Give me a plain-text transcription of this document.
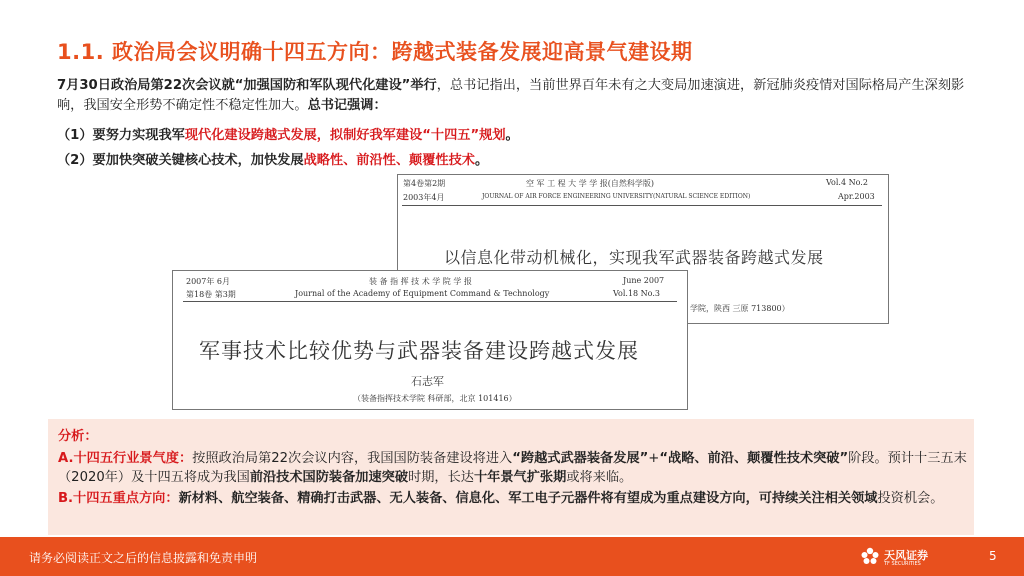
1.1. 政治局会议明确十四五方向：跨越式装备发展迎高景气建设期
7月30日政治局第22次会议就“加强国防和军队现代化建设”举行，总书记指出，当前世界百年未有之大变局加速演进，新冠肺炎疫情对国际格局产生深刻影响，我国安全形势不确定性不稳定性加大。总书记强调：
（1）要努力实现我军现代化建设跨越式发展，拟制好我军建设“十四五”规划。
（2）要加快突破关键核心技术，加快发展战略性、前沿性、颠覆性技术。
第4卷第2期	空 军 工 程 大 学 学 报(自然科学版)	Vol.4 No.2
2003年4月	JOURNAL OF AIR FORCE ENGINEERING UNIVERSITY(NATURAL SCIENCE EDITION)	Apr.2003
以信息化带动机械化，实现我军武器装备跨越式发展
学院，陕西 三原 713800）
2007年 6月	装 备 指 挥 技 术 学 院 学 报	June 2007
第18卷 第3期	Journal of the Academy of Equipment Command & Technology	Vol.18 No.3
军事技术比较优势与武器装备建设跨越式发展
石志军
（装备指挥技术学院 科研部，北京 101416）
分析：

A.十四五行业景气度：按照政治局第22次会议内容，我国国防装备建设将进入“跨越式武器装备发展”+“战略、前沿、颠覆性技术突破”阶段。预计十三五末（2020年）及十四五将成为我国前沿技术国防装备加速突破时期，长达十年景气扩张期或将来临。

B.十四五重点方向：新材料、航空装备、精确打击武器、无人装备、信息化、军工电子元器件将有望成为重点建设方向，可持续关注相关领域投资机会。

请务必阅读正文之后的信息披露和免责申明	天风证券
TF SECURITIES
5
